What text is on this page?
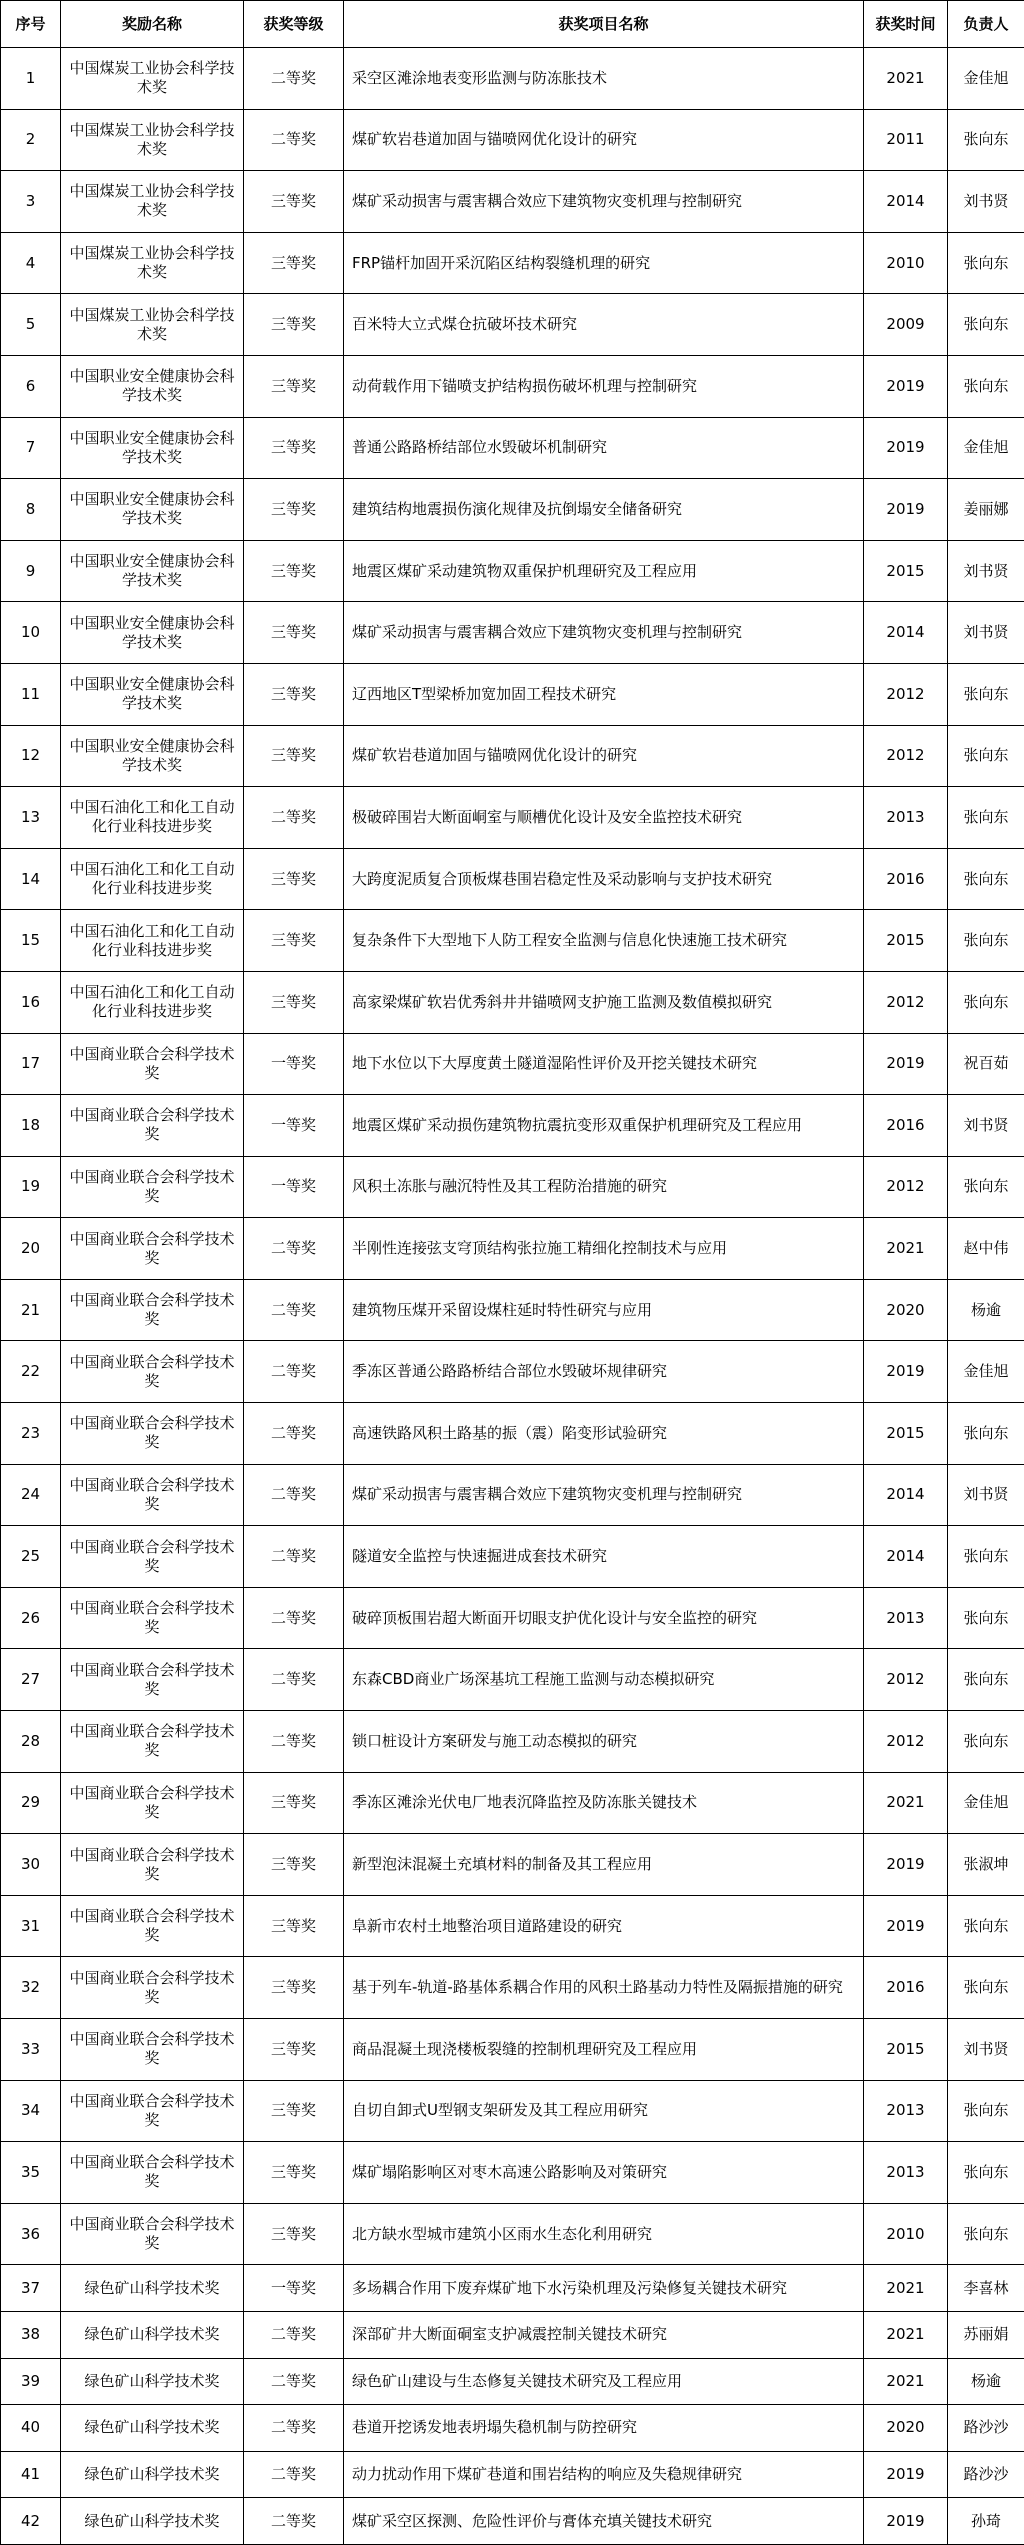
序号	奖励名称	获奖等级	获奖项目名称	获奖时间	负责人
1	中国煤炭工业协会科学技术奖	二等奖	采空区滩涂地表变形监测与防冻胀技术	2021	金佳旭
2	中国煤炭工业协会科学技术奖	二等奖	煤矿软岩巷道加固与锚喷网优化设计的研究	2011	张向东
3	中国煤炭工业协会科学技术奖	三等奖	煤矿采动损害与震害耦合效应下建筑物灾变机理与控制研究	2014	刘书贤
4	中国煤炭工业协会科学技术奖	三等奖	FRP锚杆加固开采沉陷区结构裂缝机理的研究	2010	张向东
5	中国煤炭工业协会科学技术奖	三等奖	百米特大立式煤仓抗破坏技术研究	2009	张向东
6	中国职业安全健康协会科学技术奖	三等奖	动荷载作用下锚喷支护结构损伤破坏机理与控制研究	2019	张向东
7	中国职业安全健康协会科学技术奖	三等奖	普通公路路桥结部位水毁破坏机制研究	2019	金佳旭
8	中国职业安全健康协会科学技术奖	三等奖	建筑结构地震损伤演化规律及抗倒塌安全储备研究	2019	姜丽娜
9	中国职业安全健康协会科学技术奖	三等奖	地震区煤矿采动建筑物双重保护机理研究及工程应用	2015	刘书贤
10	中国职业安全健康协会科学技术奖	三等奖	煤矿采动损害与震害耦合效应下建筑物灾变机理与控制研究	2014	刘书贤
11	中国职业安全健康协会科学技术奖	三等奖	辽西地区T型梁桥加宽加固工程技术研究	2012	张向东
12	中国职业安全健康协会科学技术奖	三等奖	煤矿软岩巷道加固与锚喷网优化设计的研究	2012	张向东
13	中国石油化工和化工自动化行业科技进步奖	二等奖	极破碎围岩大断面峒室与顺槽优化设计及安全监控技术研究	2013	张向东
14	中国石油化工和化工自动化行业科技进步奖	三等奖	大跨度泥质复合顶板煤巷围岩稳定性及采动影响与支护技术研究	2016	张向东
15	中国石油化工和化工自动化行业科技进步奖	三等奖	复杂条件下大型地下人防工程安全监测与信息化快速施工技术研究	2015	张向东
16	中国石油化工和化工自动化行业科技进步奖	三等奖	高家梁煤矿软岩优秀斜井井锚喷网支护施工监测及数值模拟研究	2012	张向东
17	中国商业联合会科学技术奖	一等奖	地下水位以下大厚度黄土隧道湿陷性评价及开挖关键技术研究	2019	祝百茹
18	中国商业联合会科学技术奖	一等奖	地震区煤矿采动损伤建筑物抗震抗变形双重保护机理研究及工程应用	2016	刘书贤
19	中国商业联合会科学技术奖	一等奖	风积土冻胀与融沉特性及其工程防治措施的研究	2012	张向东
20	中国商业联合会科学技术奖	二等奖	半刚性连接弦支穹顶结构张拉施工精细化控制技术与应用	2021	赵中伟
21	中国商业联合会科学技术奖	二等奖	建筑物压煤开采留设煤柱延时特性研究与应用	2020	杨逾
22	中国商业联合会科学技术奖	二等奖	季冻区普通公路路桥结合部位水毁破坏规律研究	2019	金佳旭
23	中国商业联合会科学技术奖	二等奖	高速铁路风积土路基的振（震）陷变形试验研究	2015	张向东
24	中国商业联合会科学技术奖	二等奖	煤矿采动损害与震害耦合效应下建筑物灾变机理与控制研究	2014	刘书贤
25	中国商业联合会科学技术奖	二等奖	隧道安全监控与快速掘进成套技术研究	2014	张向东
26	中国商业联合会科学技术奖	二等奖	破碎顶板围岩超大断面开切眼支护优化设计与安全监控的研究	2013	张向东
27	中国商业联合会科学技术奖	二等奖	东森CBD商业广场深基坑工程施工监测与动态模拟研究	2012	张向东
28	中国商业联合会科学技术奖	二等奖	锁口桩设计方案研发与施工动态模拟的研究	2012	张向东
29	中国商业联合会科学技术奖	三等奖	季冻区滩涂光伏电厂地表沉降监控及防冻胀关键技术	2021	金佳旭
30	中国商业联合会科学技术奖	三等奖	新型泡沫混凝土充填材料的制备及其工程应用	2019	张淑坤
31	中国商业联合会科学技术奖	三等奖	阜新市农村土地整治项目道路建设的研究	2019	张向东
32	中国商业联合会科学技术奖	三等奖	基于列车-轨道-路基体系耦合作用的风积土路基动力特性及隔振措施的研究	2016	张向东
33	中国商业联合会科学技术奖	三等奖	商品混凝土现浇楼板裂缝的控制机理研究及工程应用	2015	刘书贤
34	中国商业联合会科学技术奖	三等奖	自切自卸式U型钢支架研发及其工程应用研究	2013	张向东
35	中国商业联合会科学技术奖	三等奖	煤矿塌陷影响区对枣木高速公路影响及对策研究	2013	张向东
36	中国商业联合会科学技术奖	三等奖	北方缺水型城市建筑小区雨水生态化利用研究	2010	张向东
37	绿色矿山科学技术奖	一等奖	多场耦合作用下废弃煤矿地下水污染机理及污染修复关键技术研究	2021	李喜林
38	绿色矿山科学技术奖	二等奖	深部矿井大断面硐室支护减震控制关键技术研究	2021	苏丽娟
39	绿色矿山科学技术奖	二等奖	绿色矿山建设与生态修复关键技术研究及工程应用	2021	杨逾
40	绿色矿山科学技术奖	二等奖	巷道开挖诱发地表坍塌失稳机制与防控研究	2020	路沙沙
41	绿色矿山科学技术奖	二等奖	动力扰动作用下煤矿巷道和围岩结构的响应及失稳规律研究	2019	路沙沙
42	绿色矿山科学技术奖	二等奖	煤矿采空区探测、危险性评价与膏体充填关键技术研究	2019	孙琦
